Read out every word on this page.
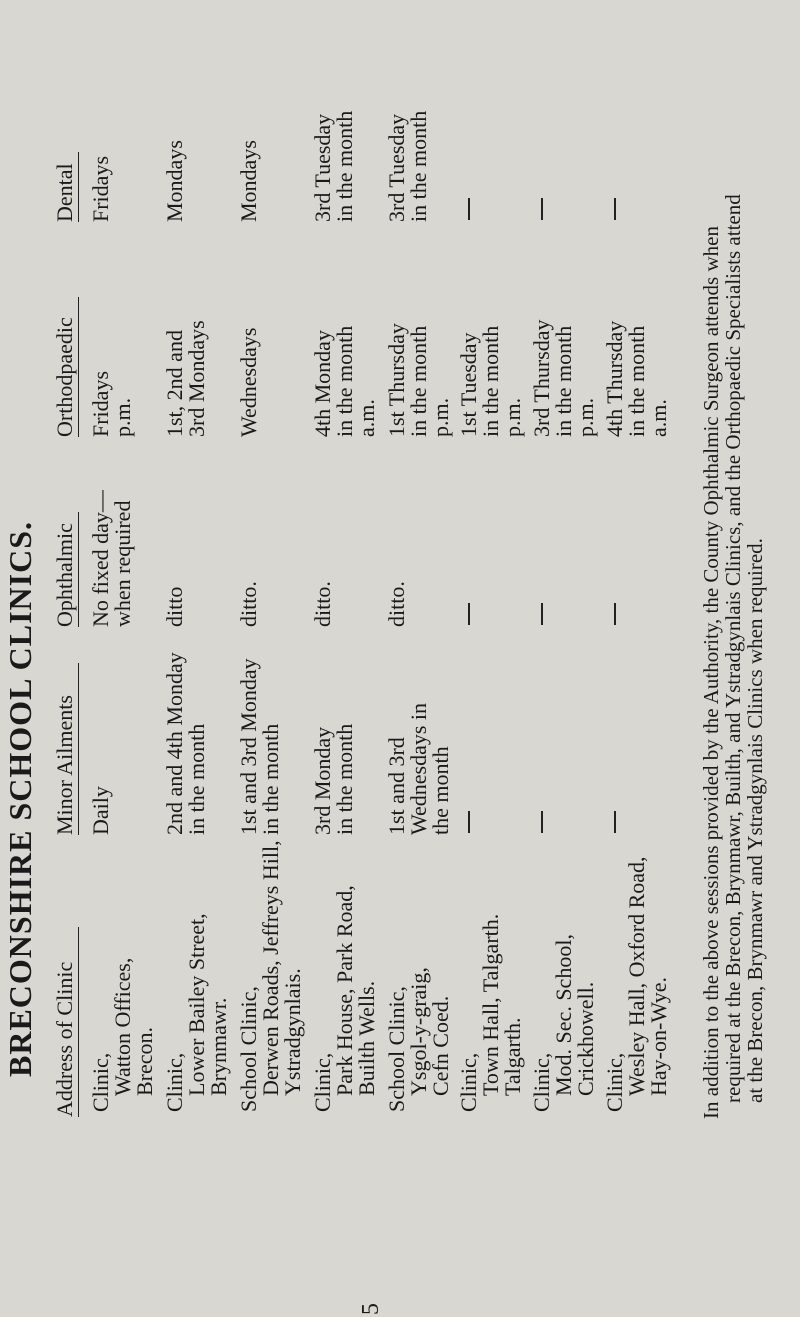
BRECONSHIRE SCHOOL CLINICS. Address of Clinic
Minor Ailments
Ophthalmic
Orthodpaedic
Dental
Clinic,
Watton Offices,
Brecon.
Daily
No fixed day—
when required
Fridays
p.m.
Fridays
Clinic,
Lower Bailey Street,
Brynmawr.
2nd and 4th Monday
in the month
ditto
1st, 2nd and
3rd Mondays
Mondays
School Clinic,
Derwen Roads, Jeffreys Hill,
Ystradgynlais.
1st and 3rd Monday
in the month
ditto.
Wednesdays
Mondays
Clinic,
Park House, Park Road,
Builth Wells.
3rd Monday
in the month
ditto.
4th Monday
in the month
a.m.
3rd Tuesday
in the month
School Clinic,
Ysgol-y-graig,
Cefn Coed.
1st and 3rd
Wednesdays in
the month
ditto.
1st Thursday
in the month
p.m.
3rd Tuesday
in the month
Clinic,
Town Hall, Talgarth.
Talgarth.
1st Tuesday
in the month
p.m.
Clinic,
Mod. Sec. School,
Crickhowell.
3rd Thursday
in the month
p.m.
Clinic,
Wesley Hall, Oxford Road,
Hay-on-Wye.
4th Thursday
in the month
a.m.
5
In addition to the above sessions provided by the Authority, the County Ophthalmic Surgeon attends when
required at the Brecon, Brynmawr, Builth, and Ystradgynlais Clinics, and the Orthopaedic Specialists attend
at the Brecon, Brynmawr and Ystradgynlais Clinics when required.
